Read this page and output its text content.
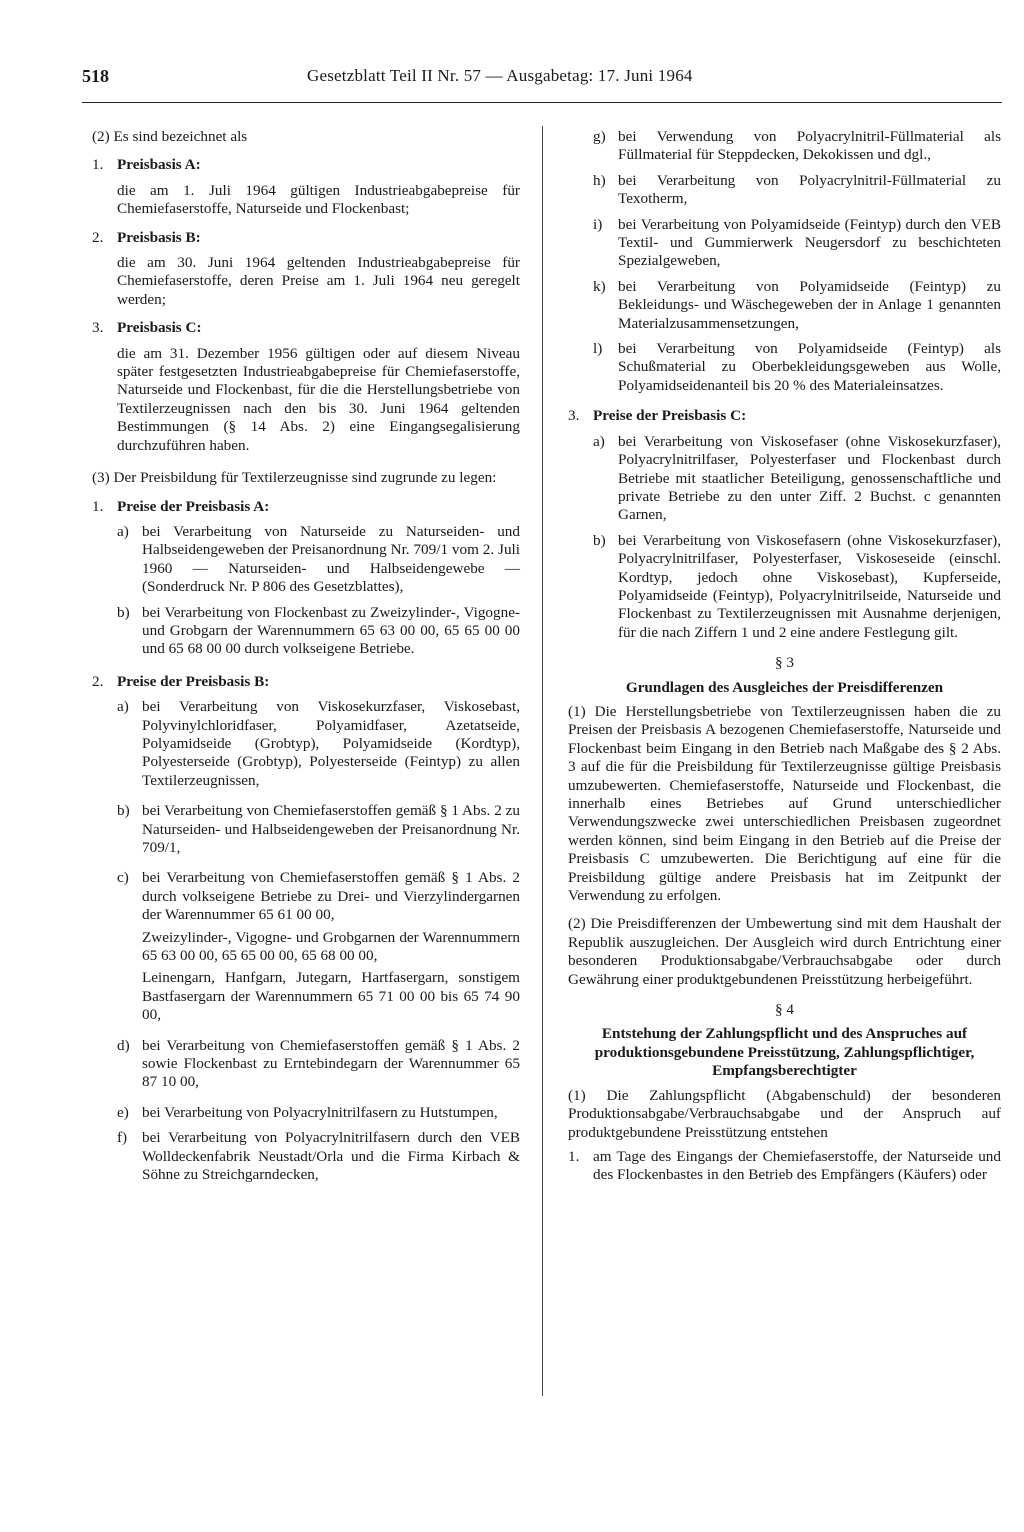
518	Gesetzblatt Teil II Nr. 57 — Ausgabetag: 17. Juni 1964

(2) Es sind bezeichnet als

1. Preisbasis A:

die am 1. Juli 1964 gültigen Industrieabgabepreise für Chemiefaserstoffe, Naturseide und Flockenbast;

2. Preisbasis B:

die am 30. Juni 1964 geltenden Industrieabgabepreise für Chemiefaserstoffe, deren Preise am 1. Juli 1964 neu geregelt werden;

3. Preisbasis C:

die am 31. Dezember 1956 gültigen oder auf diesem Niveau später festgesetzten Industrieabgabepreise für Chemiefaserstoffe, Naturseide und Flockenbast, für die die Herstellungsbetriebe von Textilerzeugnissen nach den bis 30. Juni 1964 geltenden Bestimmungen (§ 14 Abs. 2) eine Eingangsegalisierung durchzuführen haben.

(3) Der Preisbildung für Textilerzeugnisse sind zugrunde zu legen:

1. Preise der Preisbasis A:
a) bei Verarbeitung von Naturseide zu Naturseiden- und Halbseidengeweben der Preisanordnung Nr. 709/1 vom 2. Juli 1960 — Naturseiden- und Halbseidengewebe — (Sonderdruck Nr. P 806 des Gesetzblattes),
b) bei Verarbeitung von Flockenbast zu Zweizylinder-, Vigogne- und Grobgarn der Warennummern 65 63 00 00, 65 65 00 00 und 65 68 00 00 durch volkseigene Betriebe.
2. Preise der Preisbasis B:
a) bei Verarbeitung von Viskosekurzfaser, Viskosebast, Polyvinylchloridfaser, Polyamidfaser, Azetatseide, Polyamidseide (Grobtyp), Polyamidseide (Kordtyp), Polyesterseide (Grobtyp), Polyesterseide (Feintyp) zu allen Textilerzeugnissen,
b) bei Verarbeitung von Chemiefaserstoffen gemäß § 1 Abs. 2 zu Naturseiden- und Halbseidengeweben der Preisanordnung Nr. 709/1,
c) bei Verarbeitung von Chemiefaserstoffen gemäß § 1 Abs. 2 durch volkseigene Betriebe zu Drei- und Vierzylindergarnen der Warennummer 65 61 00 00,

Zweizylinder-, Vigogne- und Grobgarnen der Warennummern 65 63 00 00, 65 65 00 00, 65 68 00 00,

Leinengarn, Hanfgarn, Jutegarn, Hartfasergarn, sonstigem Bastfasergarn der Warennummern 65 71 00 00 bis 65 74 90 00,

d) bei Verarbeitung von Chemiefaserstoffen gemäß § 1 Abs. 2 sowie Flockenbast zu Erntebindegarn der Warennummer 65 87 10 00,
e) bei Verarbeitung von Polyacrylnitrilfasern zu Hutstumpen,
f) bei Verarbeitung von Polyacrylnitrilfasern durch den VEB Wolldeckenfabrik Neustadt/Orla und die Firma Kirbach & Söhne zu Streichgarndecken,
g) bei Verwendung von Polyacrylnitril-Füllmaterial als Füllmaterial für Steppdecken, Dekokissen und dgl.,
h) bei Verarbeitung von Polyacrylnitril-Füllmaterial zu Texotherm,
i) bei Verarbeitung von Polyamidseide (Feintyp) durch den VEB Textil- und Gummierwerk Neugersdorf zu beschichteten Spezialgeweben,
k) bei Verarbeitung von Polyamidseide (Feintyp) zu Bekleidungs- und Wäschegeweben der in Anlage 1 genannten Materialzusammensetzungen,
l) bei Verarbeitung von Polyamidseide (Feintyp) als Schußmaterial zu Oberbekleidungsgeweben aus Wolle, Polyamidseidenanteil bis 20 % des Materialeinsatzes.
3. Preise der Preisbasis C:
a) bei Verarbeitung von Viskosefaser (ohne Viskosekurzfaser), Polyacrylnitrilfaser, Polyesterfaser und Flockenbast durch Betriebe mit staatlicher Beteiligung, genossenschaftliche und private Betriebe zu den unter Ziff. 2 Buchst. c genannten Garnen,
b) bei Verarbeitung von Viskosefasern (ohne Viskosekurzfaser), Polyacrylnitrilfaser, Polyesterfaser, Viskoseseide (einschl. Kordtyp, jedoch ohne Viskosebast), Kupferseide, Polyamidseide (Feintyp), Polyacrylnitrilseide, Naturseide und Flockenbast zu Textilerzeugnissen mit Ausnahme derjenigen, für die nach Ziffern 1 und 2 eine andere Festlegung gilt.
§ 3
Grundlagen des Ausgleiches der Preisdifferenzen

(1) Die Herstellungsbetriebe von Textilerzeugnissen haben die zu Preisen der Preisbasis A bezogenen Chemiefaserstoffe, Naturseide und Flockenbast beim Eingang in den Betrieb nach Maßgabe des § 2 Abs. 3 auf die für die Preisbildung für Textilerzeugnisse gültige Preisbasis umzubewerten. Chemiefaserstoffe, Naturseide und Flockenbast, die innerhalb eines Betriebes auf Grund unterschiedlicher Verwendungszwecke zwei unterschiedlichen Preisbasen zugeordnet werden können, sind beim Eingang in den Betrieb auf die Preise der Preisbasis C umzubewerten. Die Berichtigung auf eine für die Preisbildung gültige andere Preisbasis hat im Zeitpunkt der Verwendung zu erfolgen.

(2) Die Preisdifferenzen der Umbewertung sind mit dem Haushalt der Republik auszugleichen. Der Ausgleich wird durch Entrichtung einer besonderen Produktionsabgabe/Verbrauchsabgabe oder durch Gewährung einer produktgebundenen Preisstützung herbeigeführt.

§ 4
Entstehung der Zahlungspflicht und des Anspruches auf produktionsgebundene Preisstützung, Zahlungspflichtiger, Empfangsberechtigter

(1) Die Zahlungspflicht (Abgabenschuld) der besonderen Produktionsabgabe/Verbrauchsabgabe und der Anspruch auf produktgebundene Preisstützung entstehen

1. am Tage des Eingangs der Chemiefaserstoffe, der Naturseide und des Flockenbastes in den Betrieb des Empfängers (Käufers) oder
